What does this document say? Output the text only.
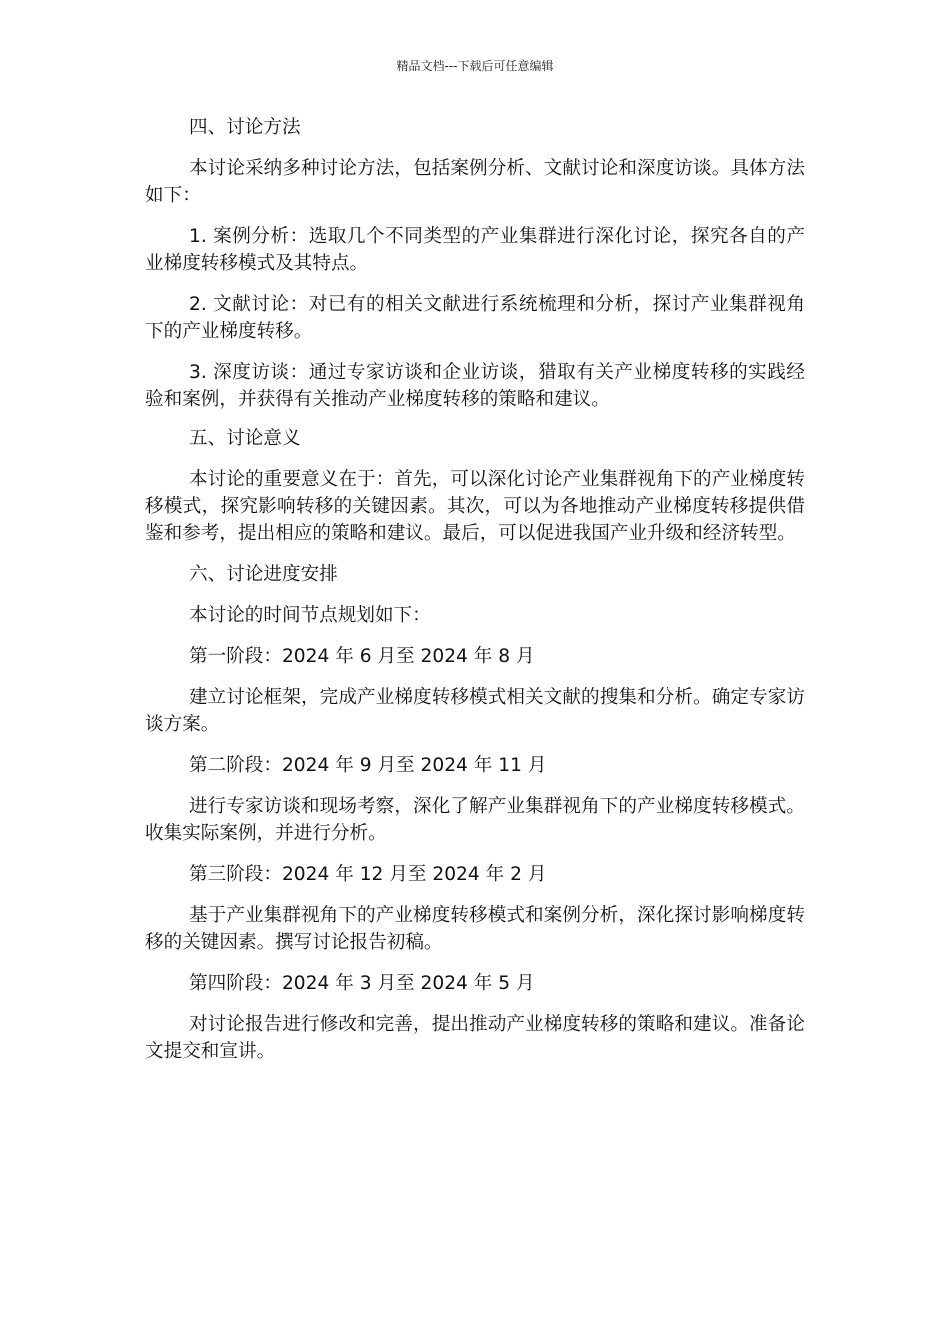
精品文档---下载后可任意编辑

四、讨论方法

本讨论采纳多种讨论方法，包括案例分析、文献讨论和深度访谈。具体方法如下：

1. 案例分析：选取几个不同类型的产业集群进行深化讨论，探究各自的产业梯度转移模式及其特点。

2. 文献讨论：对已有的相关文献进行系统梳理和分析，探讨产业集群视角下的产业梯度转移。

3. 深度访谈：通过专家访谈和企业访谈，猎取有关产业梯度转移的实践经验和案例，并获得有关推动产业梯度转移的策略和建议。

五、讨论意义

本讨论的重要意义在于：首先，可以深化讨论产业集群视角下的产业梯度转移模式，探究影响转移的关键因素。其次，可以为各地推动产业梯度转移提供借鉴和参考，提出相应的策略和建议。最后，可以促进我国产业升级和经济转型。

六、讨论进度安排

本讨论的时间节点规划如下：

第一阶段：2024 年 6 月至 2024 年 8 月

建立讨论框架，完成产业梯度转移模式相关文献的搜集和分析。确定专家访谈方案。

第二阶段：2024 年 9 月至 2024 年 11 月

进行专家访谈和现场考察，深化了解产业集群视角下的产业梯度转移模式。收集实际案例，并进行分析。

第三阶段：2024 年 12 月至 2024 年 2 月

基于产业集群视角下的产业梯度转移模式和案例分析，深化探讨影响梯度转移的关键因素。撰写讨论报告初稿。

第四阶段：2024 年 3 月至 2024 年 5 月

对讨论报告进行修改和完善，提出推动产业梯度转移的策略和建议。准备论文提交和宣讲。
